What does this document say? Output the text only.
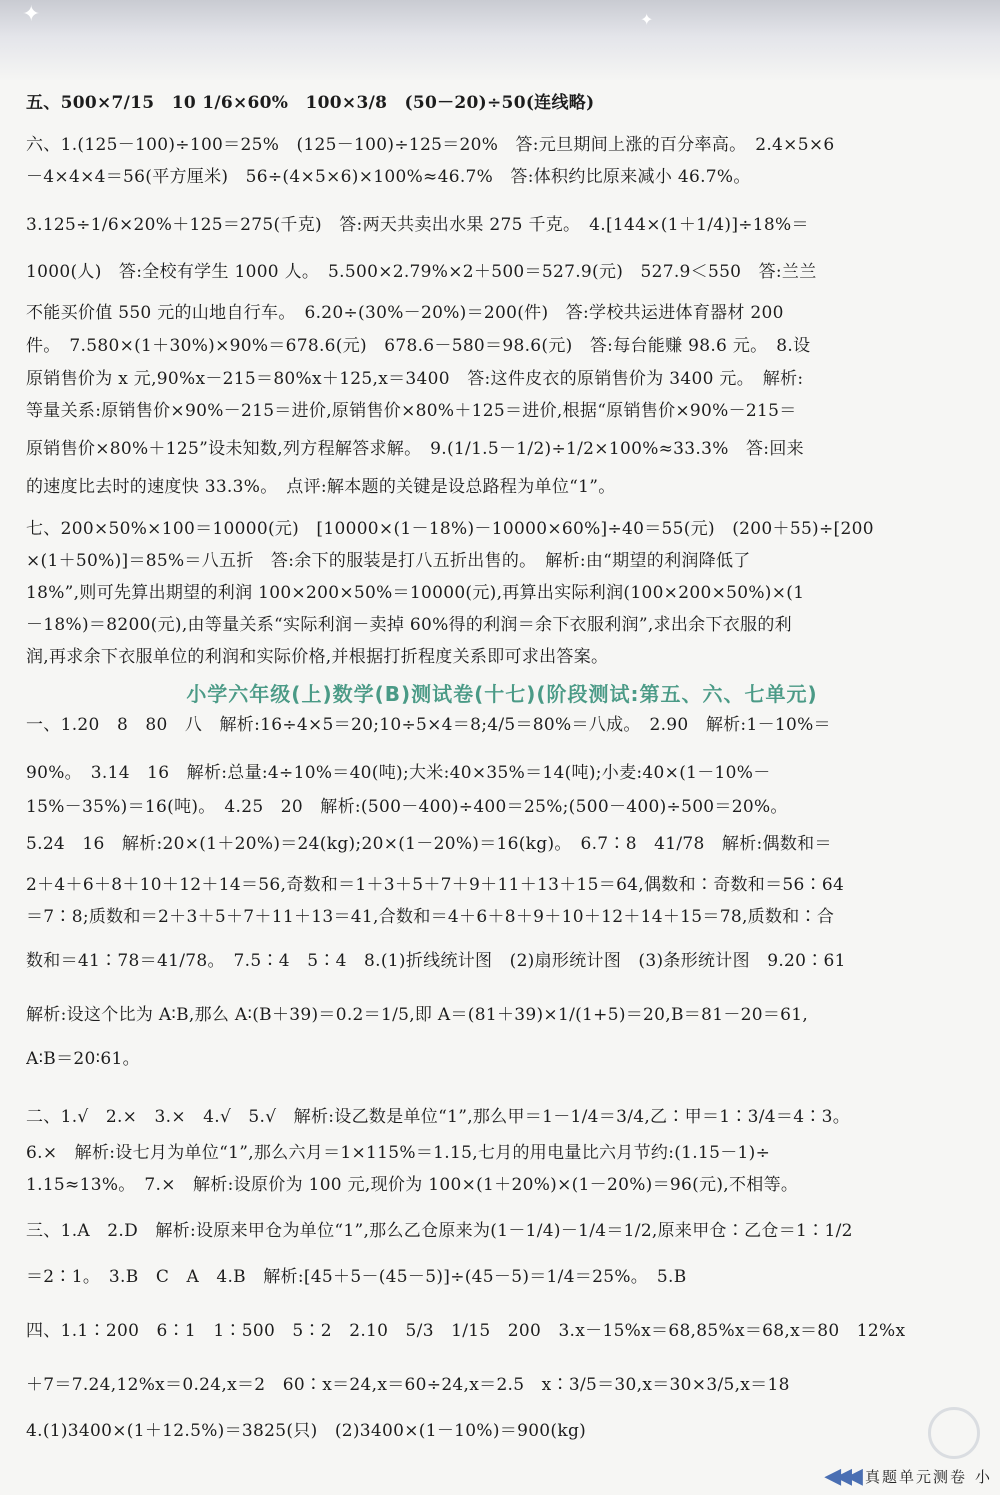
✦	✦
五、500×7/15　10 1/6×60%　100×3/8　(50－20)÷50(连线略)
六、1.(125－100)÷100＝25%　(125－100)÷125＝20%　答:元旦期间上涨的百分率高。　2.4×5×6
－4×4×4＝56(平方厘米)　56÷(4×5×6)×100%≈46.7%　答:体积约比原来减小 46.7%。
3.125÷1/6×20%＋125＝275(千克)　答:两天共卖出水果 275 千克。　4.[144×(1＋1/4)]÷18%＝
1000(人)　答:全校有学生 1000 人。　5.500×2.79%×2＋500＝527.9(元)　527.9＜550　答:兰兰
不能买价值 550 元的山地自行车。　6.20÷(30%－20%)＝200(件)　答:学校共运进体育器材 200
件。　7.580×(1＋30%)×90%＝678.6(元)　678.6－580＝98.6(元)　答:每台能赚 98.6 元。　8.设
原销售价为 x 元,90%x－215＝80%x＋125,x＝3400　答:这件皮衣的原销售价为 3400 元。　解析:
等量关系:原销售价×90%－215＝进价,原销售价×80%＋125＝进价,根据“原销售价×90%－215＝
原销售价×80%＋125”设未知数,列方程解答求解。　9.(1/1.5－1/2)÷1/2×100%≈33.3%　答:回来
的速度比去时的速度快 33.3%。　点评:解本题的关键是设总路程为单位“1”。
七、200×50%×100＝10000(元)　[10000×(1－18%)－10000×60%]÷40＝55(元)　(200＋55)÷[200
×(1＋50%)]＝85%＝八五折　答:余下的服装是打八五折出售的。　解析:由“期望的利润降低了
18%”,则可先算出期望的利润 100×200×50%＝10000(元),再算出实际利润(100×200×50%)×(1
－18%)＝8200(元),由等量关系“实际利润－卖掉 60%得的利润＝余下衣服利润”,求出余下衣服的利
润,再求余下衣服单位的利润和实际价格,并根据打折程度关系即可求出答案。
小学六年级(上)数学(B)测试卷(十七)(阶段测试:第五、六、七单元)
一、1.20　8　80　八　解析:16÷4×5＝20;10÷5×4＝8;4/5＝80%＝八成。　2.90　解析:1－10%＝
90%。　3.14　16　解析:总量:4÷10%＝40(吨);大米:40×35%＝14(吨);小麦:40×(1－10%－
15%－35%)＝16(吨)。　4.25　20　解析:(500－400)÷400＝25%;(500－400)÷500＝20%。
5.24　16　解析:20×(1＋20%)＝24(kg);20×(1－20%)＝16(kg)。　6.7∶8　41/78　解析:偶数和＝
2＋4＋6＋8＋10＋12＋14＝56,奇数和＝1＋3＋5＋7＋9＋11＋13＋15＝64,偶数和∶奇数和＝56∶64
＝7∶8;质数和＝2＋3＋5＋7＋11＋13＝41,合数和＝4＋6＋8＋9＋10＋12＋14＋15＝78,质数和∶合
数和＝41∶78＝41/78。　7.5∶4　5∶4　8.(1)折线统计图　(2)扇形统计图　(3)条形统计图　9.20∶61
解析:设这个比为 A∶B,那么 A∶(B＋39)＝0.2＝1/5,即 A＝(81＋39)×1/(1+5)＝20,B＝81－20＝61,
A∶B＝20∶61。
二、1.√　2.×　3.×　4.√　5.√　解析:设乙数是单位“1”,那么甲＝1－1/4＝3/4,乙∶甲＝1∶3/4＝4∶3。
6.×　解析:设七月为单位“1”,那么六月＝1×115%＝1.15,七月的用电量比六月节约:(1.15－1)÷
1.15≈13%。　7.×　解析:设原价为 100 元,现价为 100×(1＋20%)×(1－20%)＝96(元),不相等。
三、1.A　2.D　解析:设原来甲仓为单位“1”,那么乙仓原来为(1－1/4)－1/4＝1/2,原来甲仓∶乙仓＝1∶1/2
＝2∶1。　3.B　C　A　4.B　解析:[45＋5－(45－5)]÷(45－5)＝1/4＝25%。　5.B
四、1.1∶200　6∶1　1∶500　5∶2　2.10　5/3　1/15　200　3.x－15%x＝68,85%x＝68,x＝80　12%x
＋7＝7.24,12%x＝0.24,x＝2　60∶x＝24,x＝60÷24,x＝2.5　x∶3/5＝30,x＝30×3/5,x＝18
4.(1)3400×(1＋12.5%)＝3825(只)　(2)3400×(1－10%)＝900(kg)
◀◀◀ 真题单元测卷 小
